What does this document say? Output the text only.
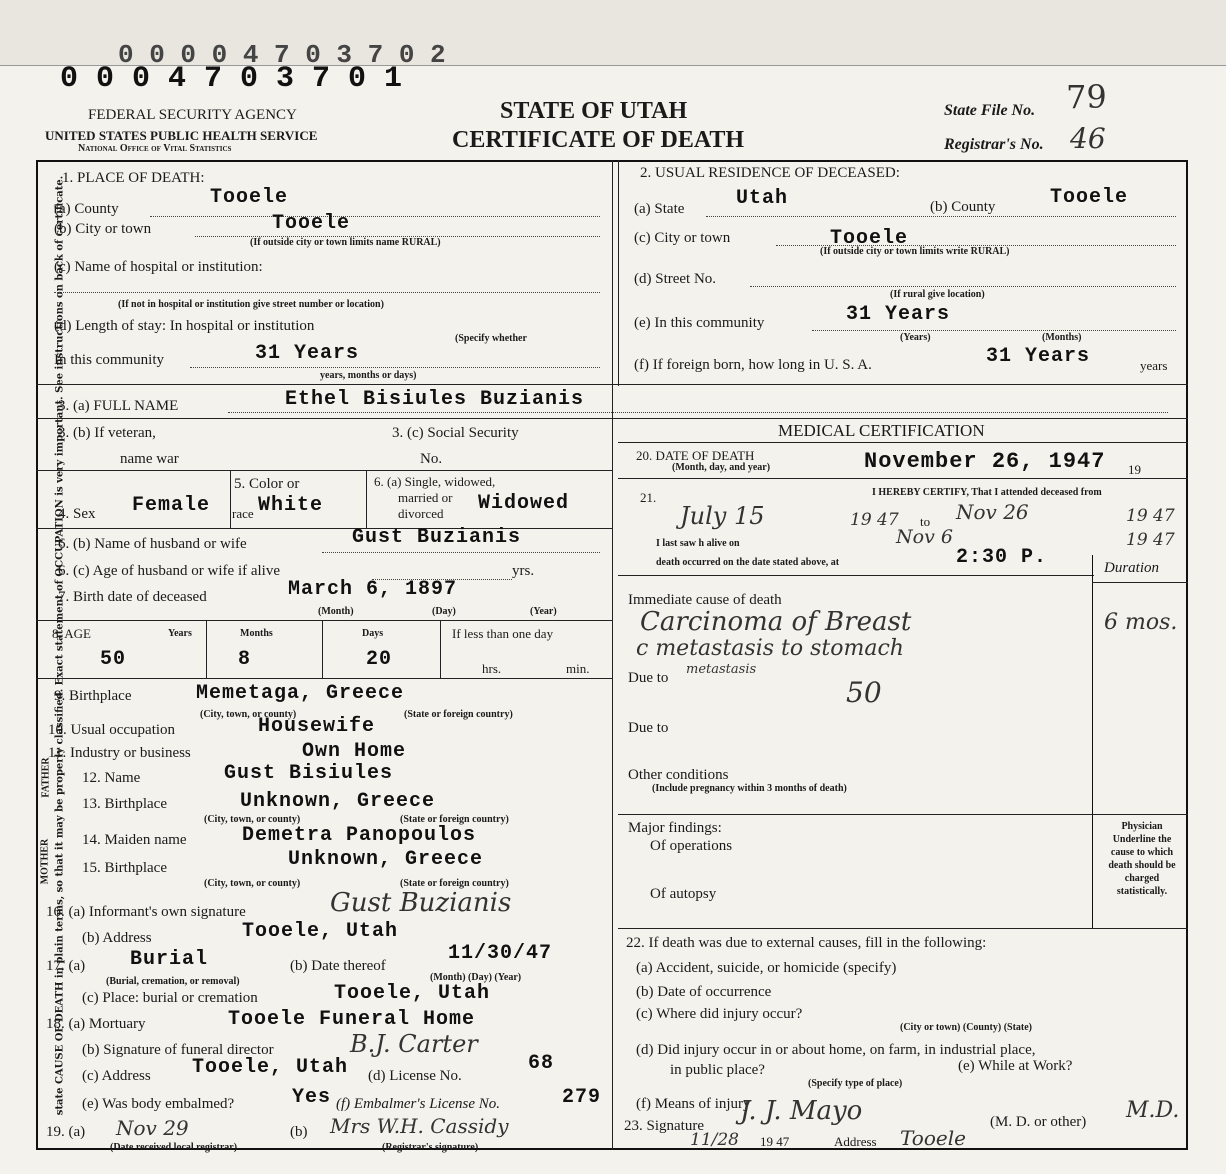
0 0 0 0 4 7 0 3 7 0 2
0 0 0 4 7 0 3 7 0 1
state CAUSE OF DEATH in plain terms, so that it may be properly classified. Exact statement of OCCUPATION is very important. See instructions on back of certificate.
FEDERAL SECURITY AGENCY
UNITED STATES PUBLIC HEALTH SERVICE
National Office of Vital Statistics
STATE OF UTAH
CERTIFICATE OF DEATH
State File No. 79
Registrar's No. 46
1. PLACE OF DEATH:
(a) County	Tooele
(b) City or town	Tooele
(If outside city or town limits name RURAL)
(c) Name of hospital or institution:
(If not in hospital or institution give street number or location)
(d) Length of stay: In hospital or institution
(Specify whether
In this community	31 Years
years, months or days)
2. USUAL RESIDENCE OF DECEASED:
(a) State	Utah	(b) County	Tooele
(c) City or town	Tooele
(If outside city or town limits write RURAL)
(d) Street No.
(If rural give location)
(e) In this community	31 Years
(Years)	(Months)
(f) If foreign born, how long in U. S. A.	31 Years	years
3. (a) FULL NAME	Ethel Bisiules Buzianis
3. (b) If veteran,
name war
3. (c) Social Security
No.
4. Sex Female
5. Color or
race White
6. (a) Single, widowed,
married or
divorced Widowed
6. (b) Name of husband or wife	Gust Buzianis
6. (c) Age of husband or wife if alive	yrs.
7. Birth date of deceased	March 6, 1897
(Month)	(Day)	(Year)
8. AGE	Years
50
Months
8
Days
20
If less than one day
hrs.	min.
9. Birthplace	Memetaga, Greece
(City, town, or county)	(State or foreign country)
10. Usual occupation	Housewife
11. Industry or business	Own Home
FATHER 12. Name	Gust Bisiules
13. Birthplace	Unknown, Greece
(City, town, or county)	(State or foreign country)
MOTHER 14. Maiden name	Demetra Panopoulos
15. Birthplace	Unknown, Greece
(City, town, or county)	(State or foreign country)
16. (a) Informant's own signature	Gust Buzianis
(b) Address	Tooele, Utah
17. (a) Burial
(Burial, cremation, or removal)
(b) Date thereof
11/30/47
(Month) (Day) (Year)
(c) Place: burial or cremation	Tooele, Utah
18. (a) Mortuary	Tooele Funeral Home
(b) Signature of funeral director	B.J. Carter
(c) Address Tooele, Utah (d) License No.
68
(e) Was body embalmed?	Yes (f) Embalmer's License No.	279
19. (a) Nov 29
(Date received local registrar)
(b) Mrs W.H. Cassidy
(Registrar's signature)
MEDICAL CERTIFICATION
20. DATE OF DEATH
(Month, day, and year)	November 26, 1947 19
21.	I HEREBY CERTIFY, That I attended deceased from
July 15	19 47 to Nov 26	19 47
I last saw h alive on	Nov 6	19 47
death occurred on the date stated above, at	2:30 P.	Duration
Immediate cause of death
Carcinoma of Breast
c metastasis to stomach
6 mos.
Due to
metastasis
50
Due to
Other conditions
(Include pregnancy within 3 months of death)
Major findings:
Of operations
Of autopsy
Physician Underline the cause to which death should be charged statistically.
22. If death was due to external causes, fill in the following:
(a) Accident, suicide, or homicide (specify)
(b) Date of occurrence
(c) Where did injury occur?
(City or town) (County) (State)
(d) Did injury occur in or about home, on farm, in industrial place,
in public place?
(Specify type of place)
(e) While at Work?
(f) Means of injury
23. Signature J. J. Mayo	(M. D. or other) M.D.
11/28 19 47	Address Tooele
